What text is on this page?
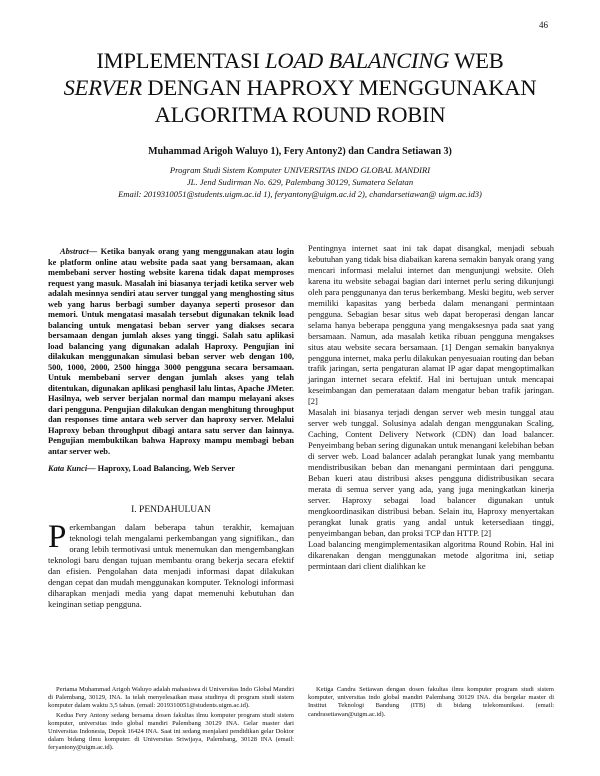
46
IMPLEMENTASI LOAD BALANCING WEB
SERVER DENGAN HAPROXY MENGGUNAKAN
ALGORITMA ROUND ROBIN
Muhammad Arigoh Waluyo 1), Fery Antony2) dan Candra Setiawan 3)
Program Studi Sistem Komputer UNIVERSITAS INDO GLOBAL MANDIRI
JL. Jend Sudirman No. 629, Palembang 30129, Sumatera Selatan
Email: 2019310051@students.uigm.ac.id 1), feryantony@uigm.ac.id 2), chandarsetiawan@ uigm.ac.id3)
Abstract— Ketika banyak orang yang menggunakan atau login ke platform online atau website pada saat yang bersamaan, akan membebani server hosting website karena tidak dapat memproses request yang masuk. Masalah ini biasanya terjadi ketika server web adalah mesinnya sendiri atau server tunggal yang menghosting situs web yang harus berbagi sumber dayanya seperti prosesor dan memori. Untuk mengatasi masalah tersebut digunakan teknik load balancing untuk mengatasi beban server yang diakses secara bersamaan dengan jumlah akses yang tinggi. Salah satu aplikasi load balancing yang digunakan adalah Haproxy. Pengujian ini dilakukan menggunakan simulasi beban server web dengan 100, 500, 1000, 2000, 2500 hingga 3000 pengguna secara bersamaan. Untuk membebani server dengan jumlah akses yang telah ditentukan, digunakan aplikasi penghasil lalu lintas, Apache JMeter. Hasilnya, web server berjalan normal dan mampu melayani akses dari pengguna. Pengujian dilakukan dengan menghitung throughput dan responses time antara web server dan haproxy server. Melalui Haproxy beban throughput dibagi antara satu server dan lainnya. Pengujian membuktikan bahwa Haproxy mampu membagi beban antar server web.
Kata Kunci— Haproxy, Load Balancing, Web Server
I. PENDAHULUAN
Perkembangan dalam beberapa tahun terakhir, kemajuan teknologi telah mengalami perkembangan yang signifikan., dan orang lebih termotivasi untuk menemukan dan mengembangkan teknologi baru dengan tujuan membantu orang bekerja secara efektif dan efisien. Pengolahan data menjadi informasi dapat dilakukan dengan cepat dan mudah menggunakan komputer. Teknologi informasi diharapkan menjadi media yang dapat memenuhi kebutuhan dan keinginan setiap pengguna.

Pentingnya internet saat ini tak dapat disangkal, menjadi sebuah kebutuhan yang tidak bisa diabaikan karena semakin banyak orang yang mencari informasi melalui internet dan mengunjungi website. Oleh karena itu website sebagai bagian dari internet perlu sering dikunjungi oleh para penggunanya dan terus berkembang. Meski begitu, web server memiliki kapasitas yang berbeda dalam menangani permintaan pengguna. Sebagian besar situs web dapat beroperasi dengan lancar selama hanya beberapa pengguna yang mengaksesnya pada saat yang bersamaan. Namun, ada masalah ketika ribuan pengguna mengakses situs atau website secara bersamaan. [1] Dengan semakin banyaknya pengguna internet, maka perlu dilakukan penyesuaian routing dan beban trafik jaringan, serta pengaturan alamat IP agar dapat mengoptimalkan jaringan internet secara efektif. Hal ini bertujuan untuk mencapai keseimbangan dan pemerataan dalam mengatur beban trafik jaringan. [2]

Masalah ini biasanya terjadi dengan server web mesin tunggal atau server web tunggal. Solusinya adalah dengan menggunakan Scaling, Caching, Content Delivery Network (CDN) dan load balancer. Penyeimbang beban sering digunakan untuk menangani kelebihan beban di server web. Load balancer adalah perangkat lunak yang membantu mendistribusikan beban dan menangani permintaan dari pengguna. Beban kueri atau distribusi akses pengguna didistribusikan secara merata di semua server yang ada, yang juga meningkatkan kinerja server. Haproxy sebagai load balancer digunakan untuk mengkoordinasikan distribusi beban. Selain itu, Haproxy menyertakan perangkat lunak gratis yang andal untuk ketersediaan tinggi, penyeimbangan beban, dan proksi TCP dan HTTP. [2]

Load balancing mengimplementasikan algoritma Round Robin. Hal ini dikarenakan dengan menggunakan metode algoritma ini, setiap permintaan dari client dialihkan ke

Pertama Muhammad Arigoh Waluyo adalah mahasiswa di Universitas Indo Global Mandiri di Palembang, 30129, INA. Ia telah menyelesaikan masa studinya di program studi sistem komputer dalam waktu 3,5 tahun. (email: 2019310051@students.uigm.ac.id).

Kedua Fery Antony sedang bersama dosen fakultas ilmu komputer program studi sistem komputer, universitas indo global mandiri Palembang 30129 INA. Gelar master dari Universitas Indonesia, Depok 16424 INA. Saat ini sedang menjalani pendidikan gelar Doktor dalam bidang ilmu komputer. di Universitas Sriwijaya, Palembang, 30128 INA (email: feryantony@uigm.ac.id).

Ketiga Candra Setiawan dengan dosen fakultas ilmu komputer program studi sistem komputer, universitas indo global mandiri Palembang 30129 INA. dia bergelar master di Institut Teknologi Bandung (ITB) di bidang telekomunikasi. (email: candrasetiawan@uigm.ac.id).
